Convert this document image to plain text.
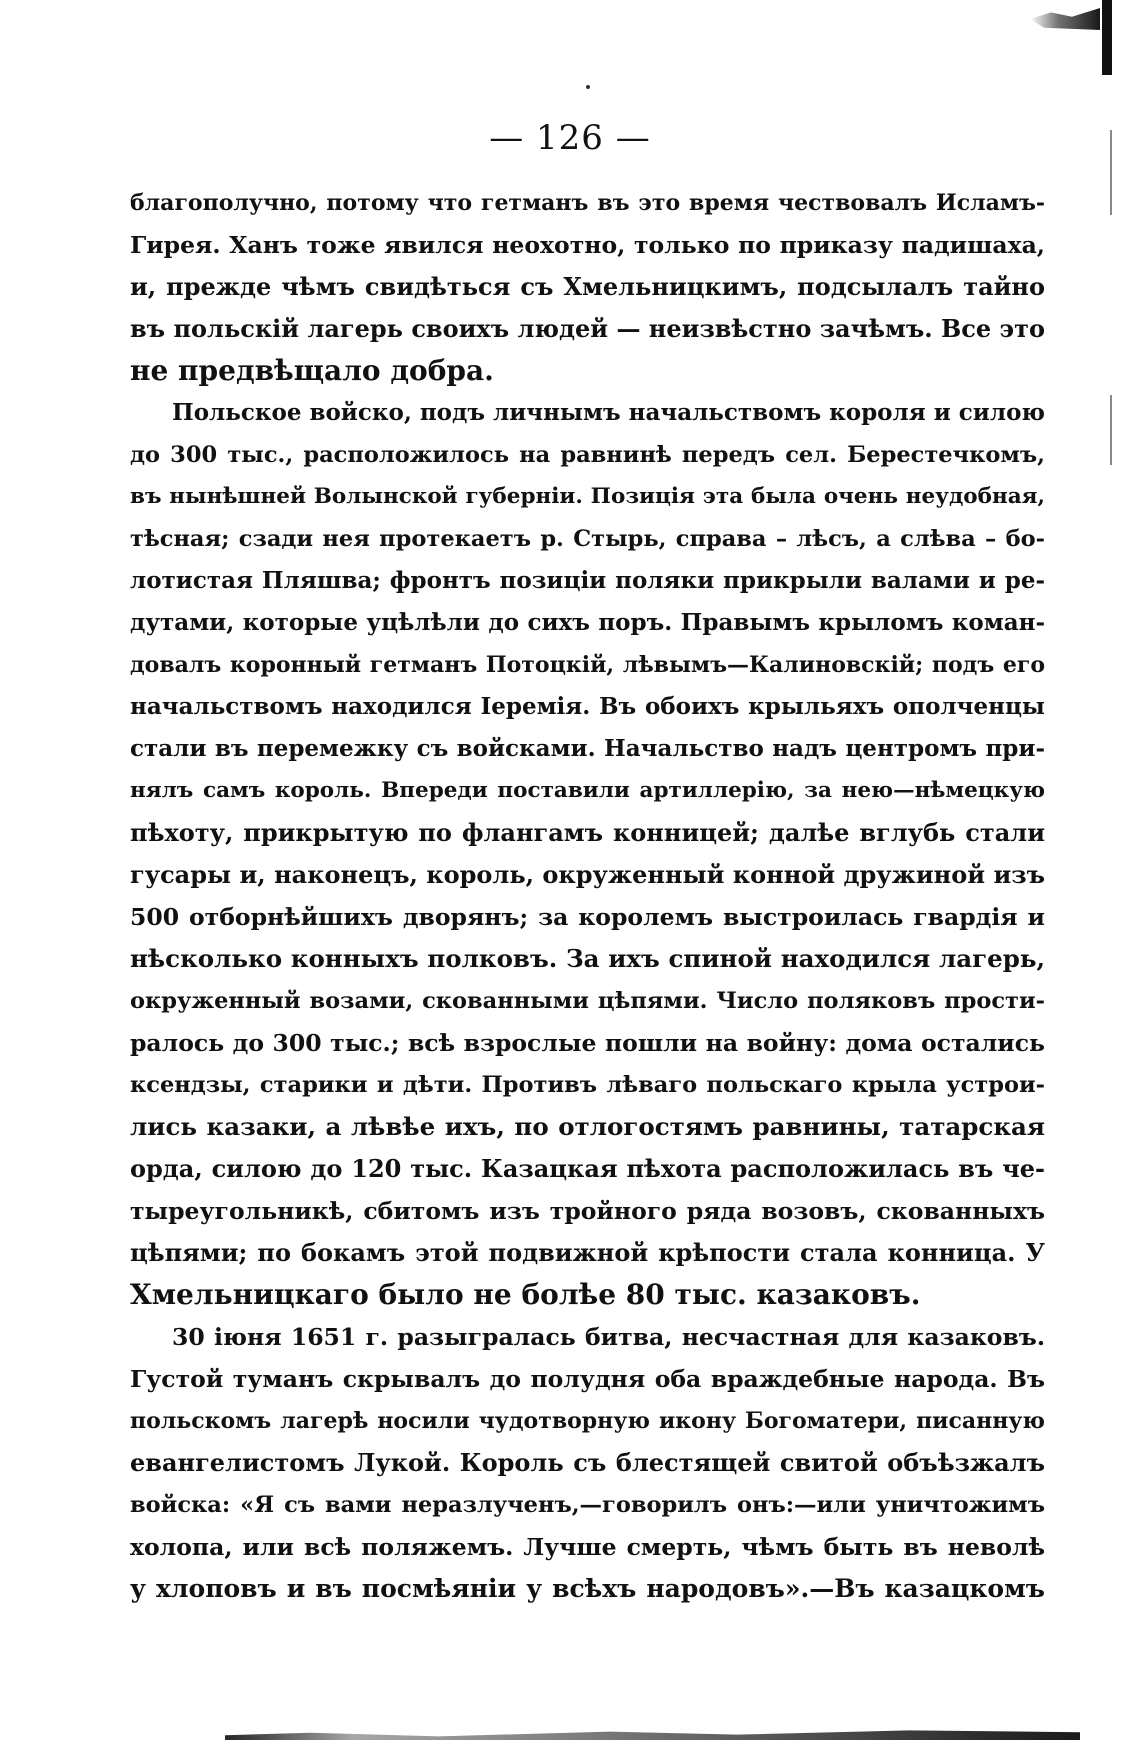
— 126 —
благополучно, потому что гетманъ въ это время чествовалъ Исламъ-
Гирея. Ханъ тоже явился неохотно, только по приказу падишаха,
и, прежде чѣмъ свидѣться съ Хмельницкимъ, подсылалъ тайно
въ польскій лагерь своихъ людей — неизвѣстно зачѣмъ. Все это
не предвѣщало добра.
Польское войско, подъ личнымъ начальствомъ короля и силою
до 300 тыс., расположилось на равнинѣ передъ сел. Берестечкомъ,
въ нынѣшней Волынской губерніи. Позиція эта была очень неудобная,
тѣсная; сзади нея протекаетъ р. Стырь, справа – лѣсъ, а слѣва – бо-
лотистая Пляшва; фронтъ позиціи поляки прикрыли валами и ре-
дутами, которые уцѣлѣли до сихъ поръ. Правымъ крыломъ коман-
довалъ коронный гетманъ Потоцкій, лѣвымъ—Калиновскій; подъ его
начальствомъ находился Іеремія. Въ обоихъ крыльяхъ ополченцы
стали въ перемежку съ войсками. Начальство надъ центромъ при-
нялъ самъ король. Впереди поставили артиллерію, за нею—нѣмецкую
пѣхоту, прикрытую по флангамъ конницей; далѣе вглубь стали
гусары и, наконецъ, король, окруженный конной дружиной изъ
500 отборнѣйшихъ дворянъ; за королемъ выстроилась гвардія и
нѣсколько конныхъ полковъ. За ихъ спиной находился лагерь,
окруженный возами, скованными цѣпями. Число поляковъ прости-
ралось до 300 тыс.; всѣ взрослые пошли на войну: дома остались
ксендзы, старики и дѣти. Противъ лѣваго польскаго крыла устрои-
лись казаки, а лѣвѣе ихъ, по отлогостямъ равнины, татарская
орда, силою до 120 тыс. Казацкая пѣхота расположилась въ че-
тыреугольникѣ, сбитомъ изъ тройного ряда возовъ, скованныхъ
цѣпями; по бокамъ этой подвижной крѣпости стала конница. У
Хмельницкаго было не болѣе 80 тыс. казаковъ.
30 іюня 1651 г. разыгралась битва, несчастная для казаковъ.
Густой туманъ скрывалъ до полудня оба враждебные народа. Въ
польскомъ лагерѣ носили чудотворную икону Богоматери, писанную
евангелистомъ Лукой. Король съ блестящей свитой объѣзжалъ
войска: «Я съ вами неразлученъ,—говорилъ онъ:—или уничтожимъ
холопа, или всѣ поляжемъ. Лучше смерть, чѣмъ быть въ неволѣ
у хлоповъ и въ посмѣяніи у всѣхъ народовъ».—Въ казацкомъ
